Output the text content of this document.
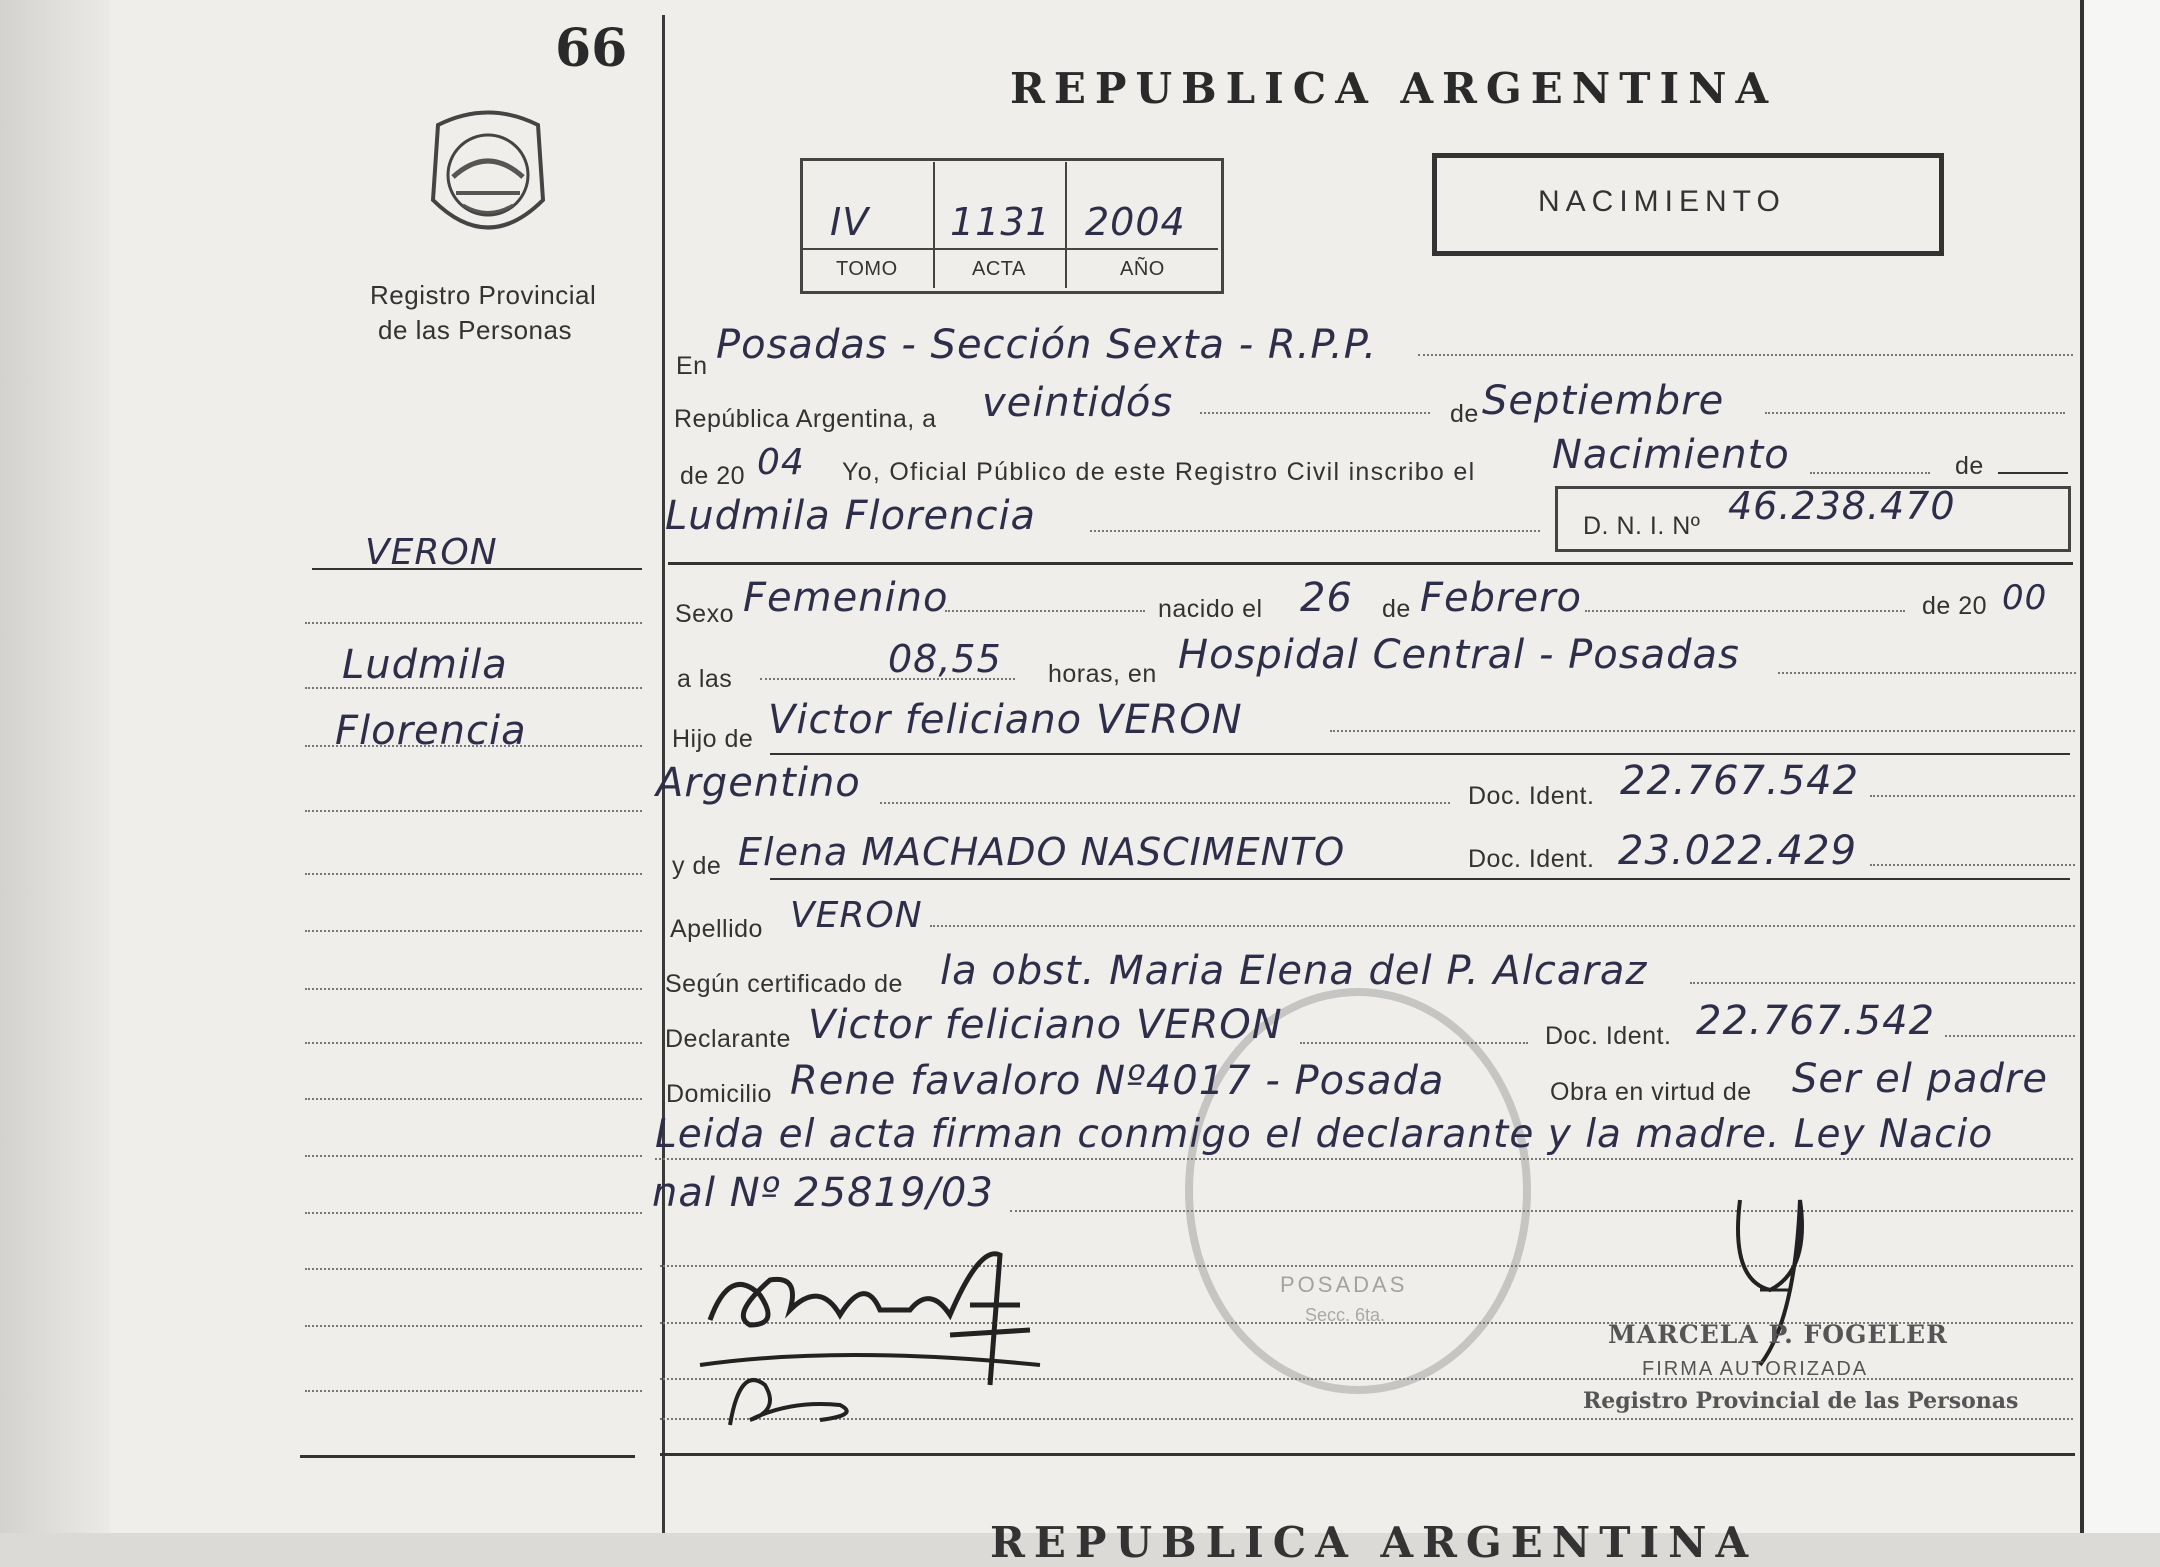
66
Registro Provincial
de las Personas
VERON
Ludmila
Florencia
REPUBLICA ARGENTINA
IV 1131 2004
TOMO	ACTA	AÑO
NACIMIENTO
En Posadas - Sección Sexta - R.P.P.
República Argentina, a veintidós	de Septiembre
de 20 04 Yo, Oficial Público de este Registro Civil inscribo el Nacimiento	de
Ludmila Florencia	D. N. I. Nº 46.238.470
Sexo Femenino	nacido el 26 de Febrero	de 20 00
a las	08,55 horas, en Hospidal Central - Posadas
Hijo de Victor feliciano VERON
Argentino	Doc. Ident. 22.767.542
y de Elena MACHADO NASCIMENTO	Doc. Ident. 23.022.429
Apellido VERON
Según certificado de la obst. Maria Elena del P. Alcaraz
POSADAS
Secc. 6ta.
Declarante Victor feliciano VERON	Doc. Ident. 22.767.542
Domicilio Rene favaloro Nº4017 - Posada	Obra en virtud de Ser el padre
Leida el acta firman conmigo el declarante y la madre. Ley Nacio
nal Nº 25819/03
MARCELA P. FOGELER
FIRMA AUTORIZADA
Registro Provincial de las Personas
REPUBLICA ARGENTINA
